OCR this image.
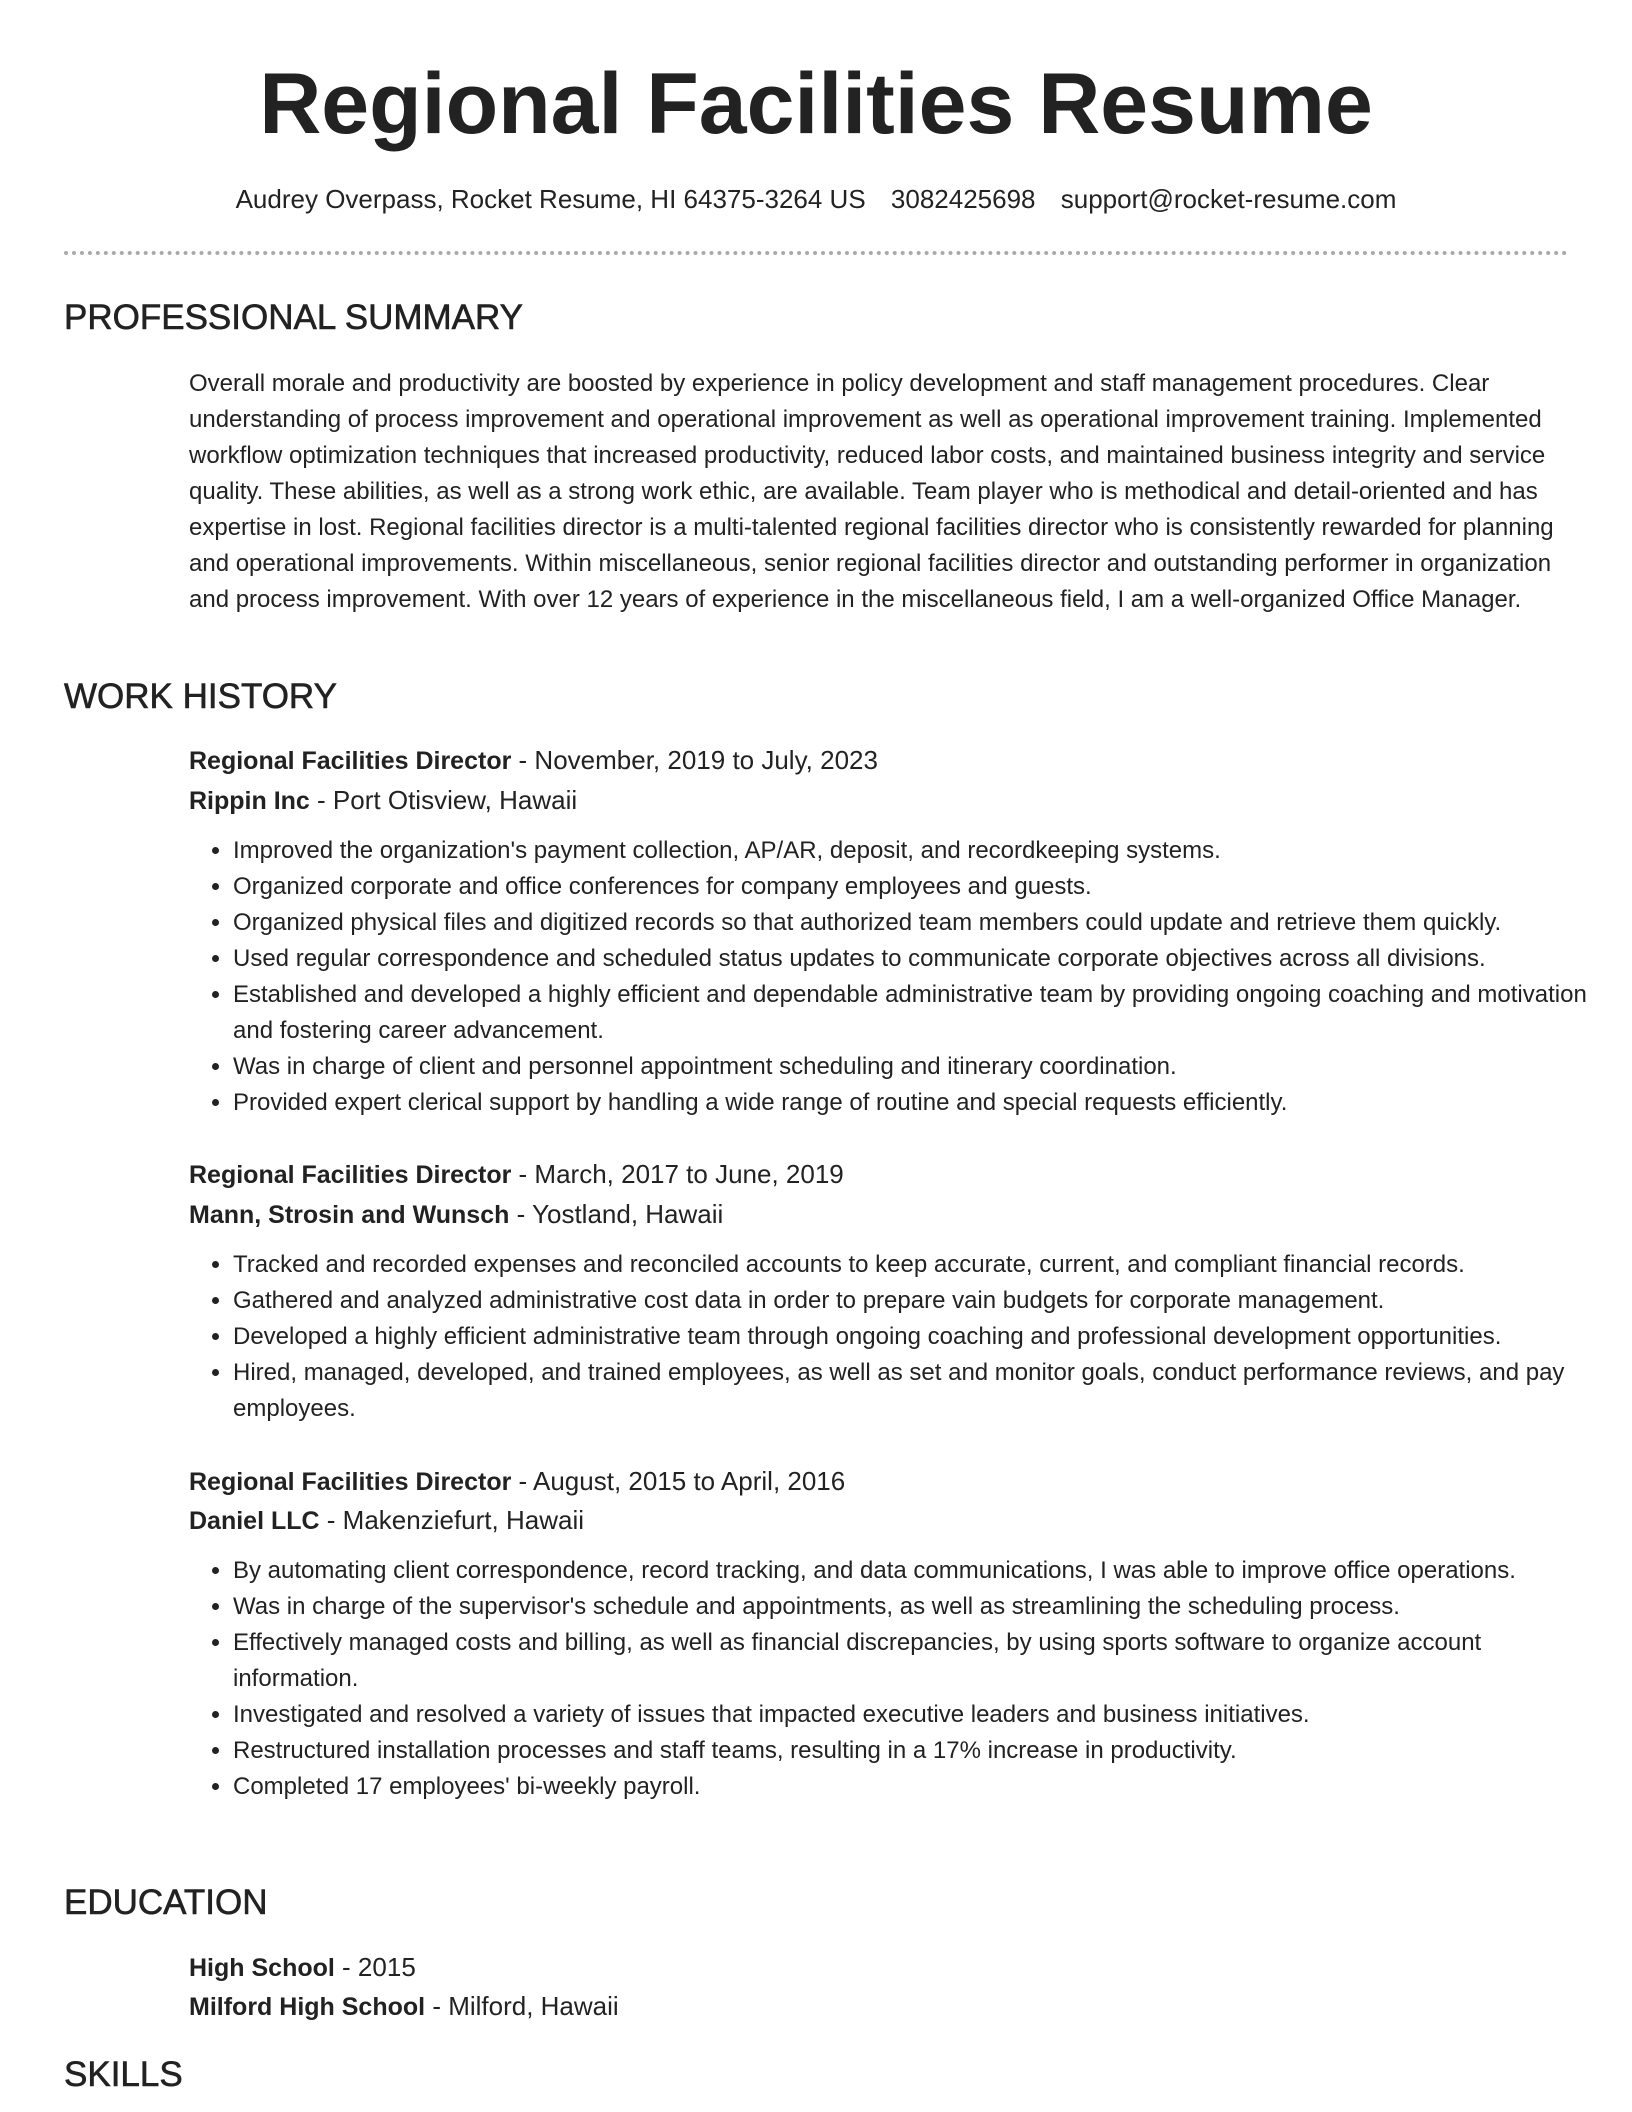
Regional Facilities Resume
Audrey Overpass, Rocket Resume, HI 64375-3264 US 3082425698 support@rocket-resume.com
PROFESSIONAL SUMMARY

Overall morale and productivity are boosted by experience in policy development and staff management procedures. Clear understanding of process improvement and operational improvement as well as operational improvement training. Implemented workflow optimization techniques that increased productivity, reduced labor costs, and maintained business integrity and service quality. These abilities, as well as a strong work ethic, are available. Team player who is methodical and detail-oriented and has expertise in lost. Regional facilities director is a multi-talented regional facilities director who is consistently rewarded for planning and operational improvements. Within miscellaneous, senior regional facilities director and outstanding performer in organization and process improvement. With over 12 years of experience in the miscellaneous field, I am a well-organized Office Manager.

WORK HISTORY
Regional Facilities Director - November, 2019 to July, 2023
Rippin Inc - Port Otisview, Hawaii
• Improved the organization's payment collection, AP/AR, deposit, and recordkeeping systems.
• Organized corporate and office conferences for company employees and guests.
• Organized physical files and digitized records so that authorized team members could update and retrieve them quickly.
• Used regular correspondence and scheduled status updates to communicate corporate objectives across all divisions.
• Established and developed a highly efficient and dependable administrative team by providing ongoing coaching and motivation and fostering career advancement.
• Was in charge of client and personnel appointment scheduling and itinerary coordination.
• Provided expert clerical support by handling a wide range of routine and special requests efficiently.
Regional Facilities Director - March, 2017 to June, 2019
Mann, Strosin and Wunsch - Yostland, Hawaii
• Tracked and recorded expenses and reconciled accounts to keep accurate, current, and compliant financial records.
• Gathered and analyzed administrative cost data in order to prepare vain budgets for corporate management.
• Developed a highly efficient administrative team through ongoing coaching and professional development opportunities.
• Hired, managed, developed, and trained employees, as well as set and monitor goals, conduct performance reviews, and pay employees.
Regional Facilities Director - August, 2015 to April, 2016
Daniel LLC - Makenziefurt, Hawaii
• By automating client correspondence, record tracking, and data communications, I was able to improve office operations.
• Was in charge of the supervisor's schedule and appointments, as well as streamlining the scheduling process.
• Effectively managed costs and billing, as well as financial discrepancies, by using sports software to organize account information.
• Investigated and resolved a variety of issues that impacted executive leaders and business initiatives.
• Restructured installation processes and staff teams, resulting in a 17% increase in productivity.
• Completed 17 employees' bi-weekly payroll.
EDUCATION
High School - 2015
Milford High School - Milford, Hawaii
SKILLS
